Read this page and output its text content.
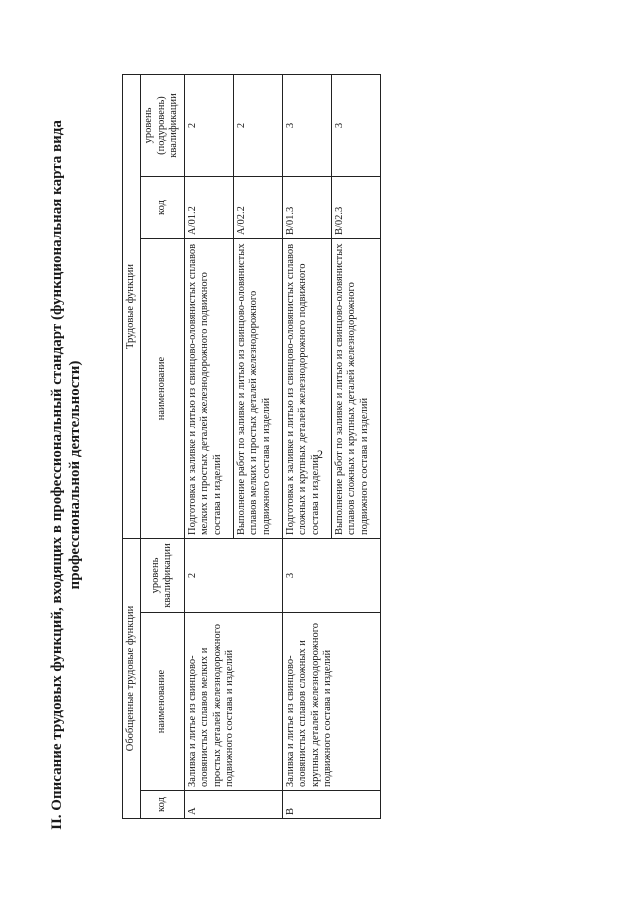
2
II. Описание трудовых функций, входящих в профессиональный стандарт (функциональная карта вида профессиональной деятельности)
Обобщенные трудовые функции			Трудовые функции		
код	наименование	уровень квалификации	наименование	код	уровень (подуровень) квалификации
A	Заливка и литье из свинцово-оловянистых сплавов мелких и простых деталей железнодорожного подвижного состава и изделий	2	Подготовка к заливке и литью из свинцово-оловянистых сплавов мелких и простых деталей железнодорожного подвижного состава и изделий	A/01.2	2
			Выполнение работ по заливке и литью из свинцово-оловянистых сплавов мелких и простых деталей железнодорожного подвижного состава и изделий	A/02.2	2
B	Заливка и литье из свинцово-оловянистых сплавов сложных и крупных деталей железнодорожного подвижного состава и изделий	3	Подготовка к заливке и литью из свинцово-оловянистых сплавов сложных и крупных деталей железнодорожного подвижного состава и изделий	B/01.3	3
			Выполнение работ по заливке и литью из свинцово-оловянистых сплавов сложных и крупных деталей железнодорожного подвижного состава и изделий	B/02.3	3
